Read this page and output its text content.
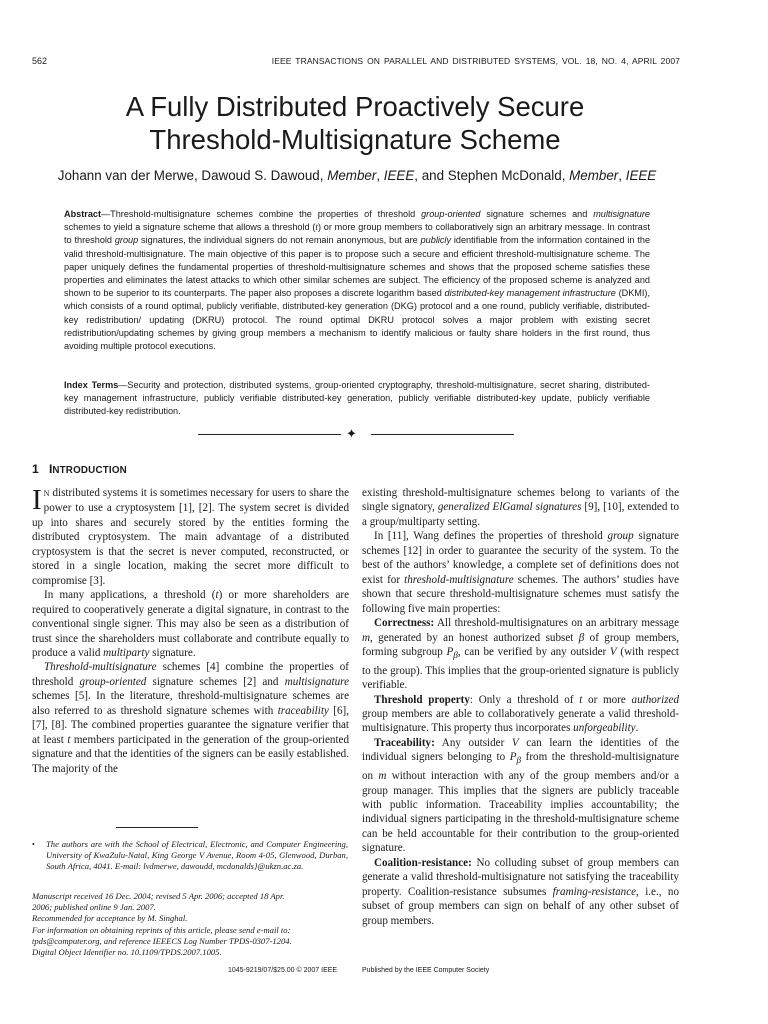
562	IEEE TRANSACTIONS ON PARALLEL AND DISTRIBUTED SYSTEMS, VOL. 18, NO. 4, APRIL 2007
A Fully Distributed Proactively Secure
Threshold-Multisignature Scheme
Johann van der Merwe, Dawoud S. Dawoud, Member, IEEE, and Stephen McDonald, Member, IEEE
Abstract—Threshold-multisignature schemes combine the properties of threshold group-oriented signature schemes and multisignature schemes to yield a signature scheme that allows a threshold (t) or more group members to collaboratively sign an arbitrary message. In contrast to threshold group signatures, the individual signers do not remain anonymous, but are publicly identifiable from the information contained in the valid threshold-multisignature. The main objective of this paper is to propose such a secure and efficient threshold-multisignature scheme. The paper uniquely defines the fundamental properties of threshold-multisignature schemes and shows that the proposed scheme satisfies these properties and eliminates the latest attacks to which other similar schemes are subject. The efficiency of the proposed scheme is analyzed and shown to be superior to its counterparts. The paper also proposes a discrete logarithm based distributed-key management infrastructure (DKMI), which consists of a round optimal, publicly verifiable, distributed-key generation (DKG) protocol and a one round, publicly verifiable, distributed-key redistribution/ updating (DKRU) protocol. The round optimal DKRU protocol solves a major problem with existing secret redistribution/updating schemes by giving group members a mechanism to identify malicious or faulty share holders in the first round, thus avoiding multiple protocol executions.
Index Terms—Security and protection, distributed systems, group-oriented cryptography, threshold-multisignature, secret sharing, distributed-key management infrastructure, publicly verifiable distributed-key generation, publicly verifiable distributed-key update, publicly verifiable distributed-key redistribution.
✦
1 INTRODUCTION

I N distributed systems it is sometimes necessary for users to share the power to use a cryptosystem [1], [2]. The system secret is divided up into shares and securely stored by the entities forming the distributed cryptosystem. The main advantage of a distributed cryptosystem is that the secret is never computed, reconstructed, or stored in a single location, making the secret more difficult to compromise [3].

In many applications, a threshold (t) or more shareholders are required to cooperatively generate a digital signature, in contrast to the conventional single signer. This may also be seen as a distribution of trust since the shareholders must collaborate and contribute equally to produce a valid multiparty signature.

Threshold-multisignature schemes [4] combine the properties of threshold group-oriented signature schemes [2] and multisignature schemes [5]. In the literature, threshold-multisignature schemes are also referred to as threshold signature schemes with traceability [6], [7], [8]. The combined properties guarantee the signature verifier that at least t members participated in the generation of the group-oriented signature and that the identities of the signers can be easily established. The majority of the

existing threshold-multisignature schemes belong to variants of the single signatory, generalized ElGamal signatures [9], [10], extended to a group/multiparty setting.

In [11], Wang defines the properties of threshold group signature schemes [12] in order to guarantee the security of the system. To the best of the authors’ knowledge, a complete set of definitions does not exist for threshold-multisignature schemes. The authors’ studies have shown that secure threshold-multisignature schemes must satisfy the following five main properties:

Correctness: All threshold-multisignatures on an arbitrary message m, generated by an honest authorized subset β of group members, forming subgroup $P_\beta$, can be verified by any outsider V (with respect to the group). This implies that the group-oriented signature is publicly verifiable.

Threshold property: Only a threshold of t or more authorized group members are able to collaboratively generate a valid threshold-multisignature. This property thus incorporates unforgeability.

Traceability: Any outsider V can learn the identities of the individual signers belonging to $P_\beta$ from the threshold-multisignature on m without interaction with any of the group members and/or a group manager. This implies that the signers are publicly traceable with public information. Traceability implies accountability; the individual signers participating in the threshold-multisignature scheme can be held accountable for their contribution to the group-oriented signature.

Coalition-resistance: No colluding subset of group members can generate a valid threshold-multisignature not satisfying the traceability property. Coalition-resistance subsumes framing-resistance, i.e., no subset of group members can sign on behalf of any other subset of group members.

• The authors are with the School of Electrical, Electronic, and Computer Engineering, University of KwaZulu-Natal, King George V Avenue, Room 4-05, Glenwood, Durban, South Africa, 4041. E-mail: lvdmerwe, dawoudd, mcdonalds}@ukzn.ac.za.
Manuscript received 16 Dec. 2004; revised 5 Apr. 2006; accepted 18 Apr.
2006; published online 9 Jan. 2007.
Recommended for acceptance by M. Singhal.
For information on obtaining reprints of this article, please send e-mail to:
tpds@computer.org, and reference IEEECS Log Number TPDS-0307-1204.
Digital Object Identifier no. 10.1109/TPDS.2007.1005.
1045-9219/07/$25.00 © 2007 IEEE	Published by the IEEE Computer Society
